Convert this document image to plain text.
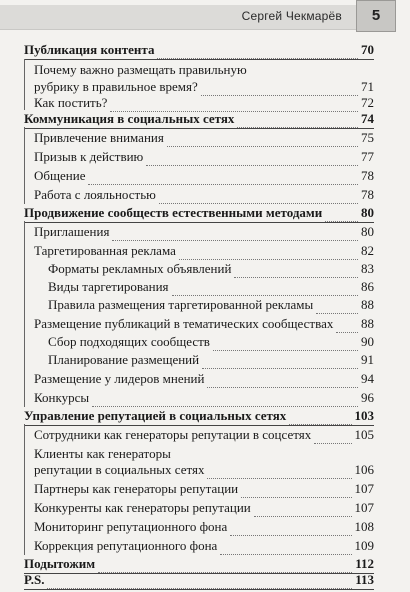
Сергей Чекмарёв	5
Публикация контента	70
Почему важно размещать правильную
рубрику в правильное время?	71
Как постить?	72
Коммуникация в социальных сетях	74
Привлечение внимания	75
Призыв к действию	77
Общение	78
Работа с лояльностью	78
Продвижение сообществ естественными методами	80
Приглашения	80
Таргетированная реклама	82
Форматы рекламных объявлений	83
Виды таргетирования	86
Правила размещения таргетированной рекламы	88
Размещение публикаций в тематических сообществах 88
Сбор подходящих сообществ	90
Планирование размещений	91
Размещение у лидеров мнений	94
Конкурсы	96
Управление репутацией в социальных сетях	103
Сотрудники как генераторы репутации в соцсетях	105
Клиенты как генераторы
репутации в социальных сетях	106
Партнеры как генераторы репутации	107
Конкуренты как генераторы репутации	107
Мониторинг репутационного фона	108
Коррекция репутационного фона	109
Подытожим	112
P.S.	113
